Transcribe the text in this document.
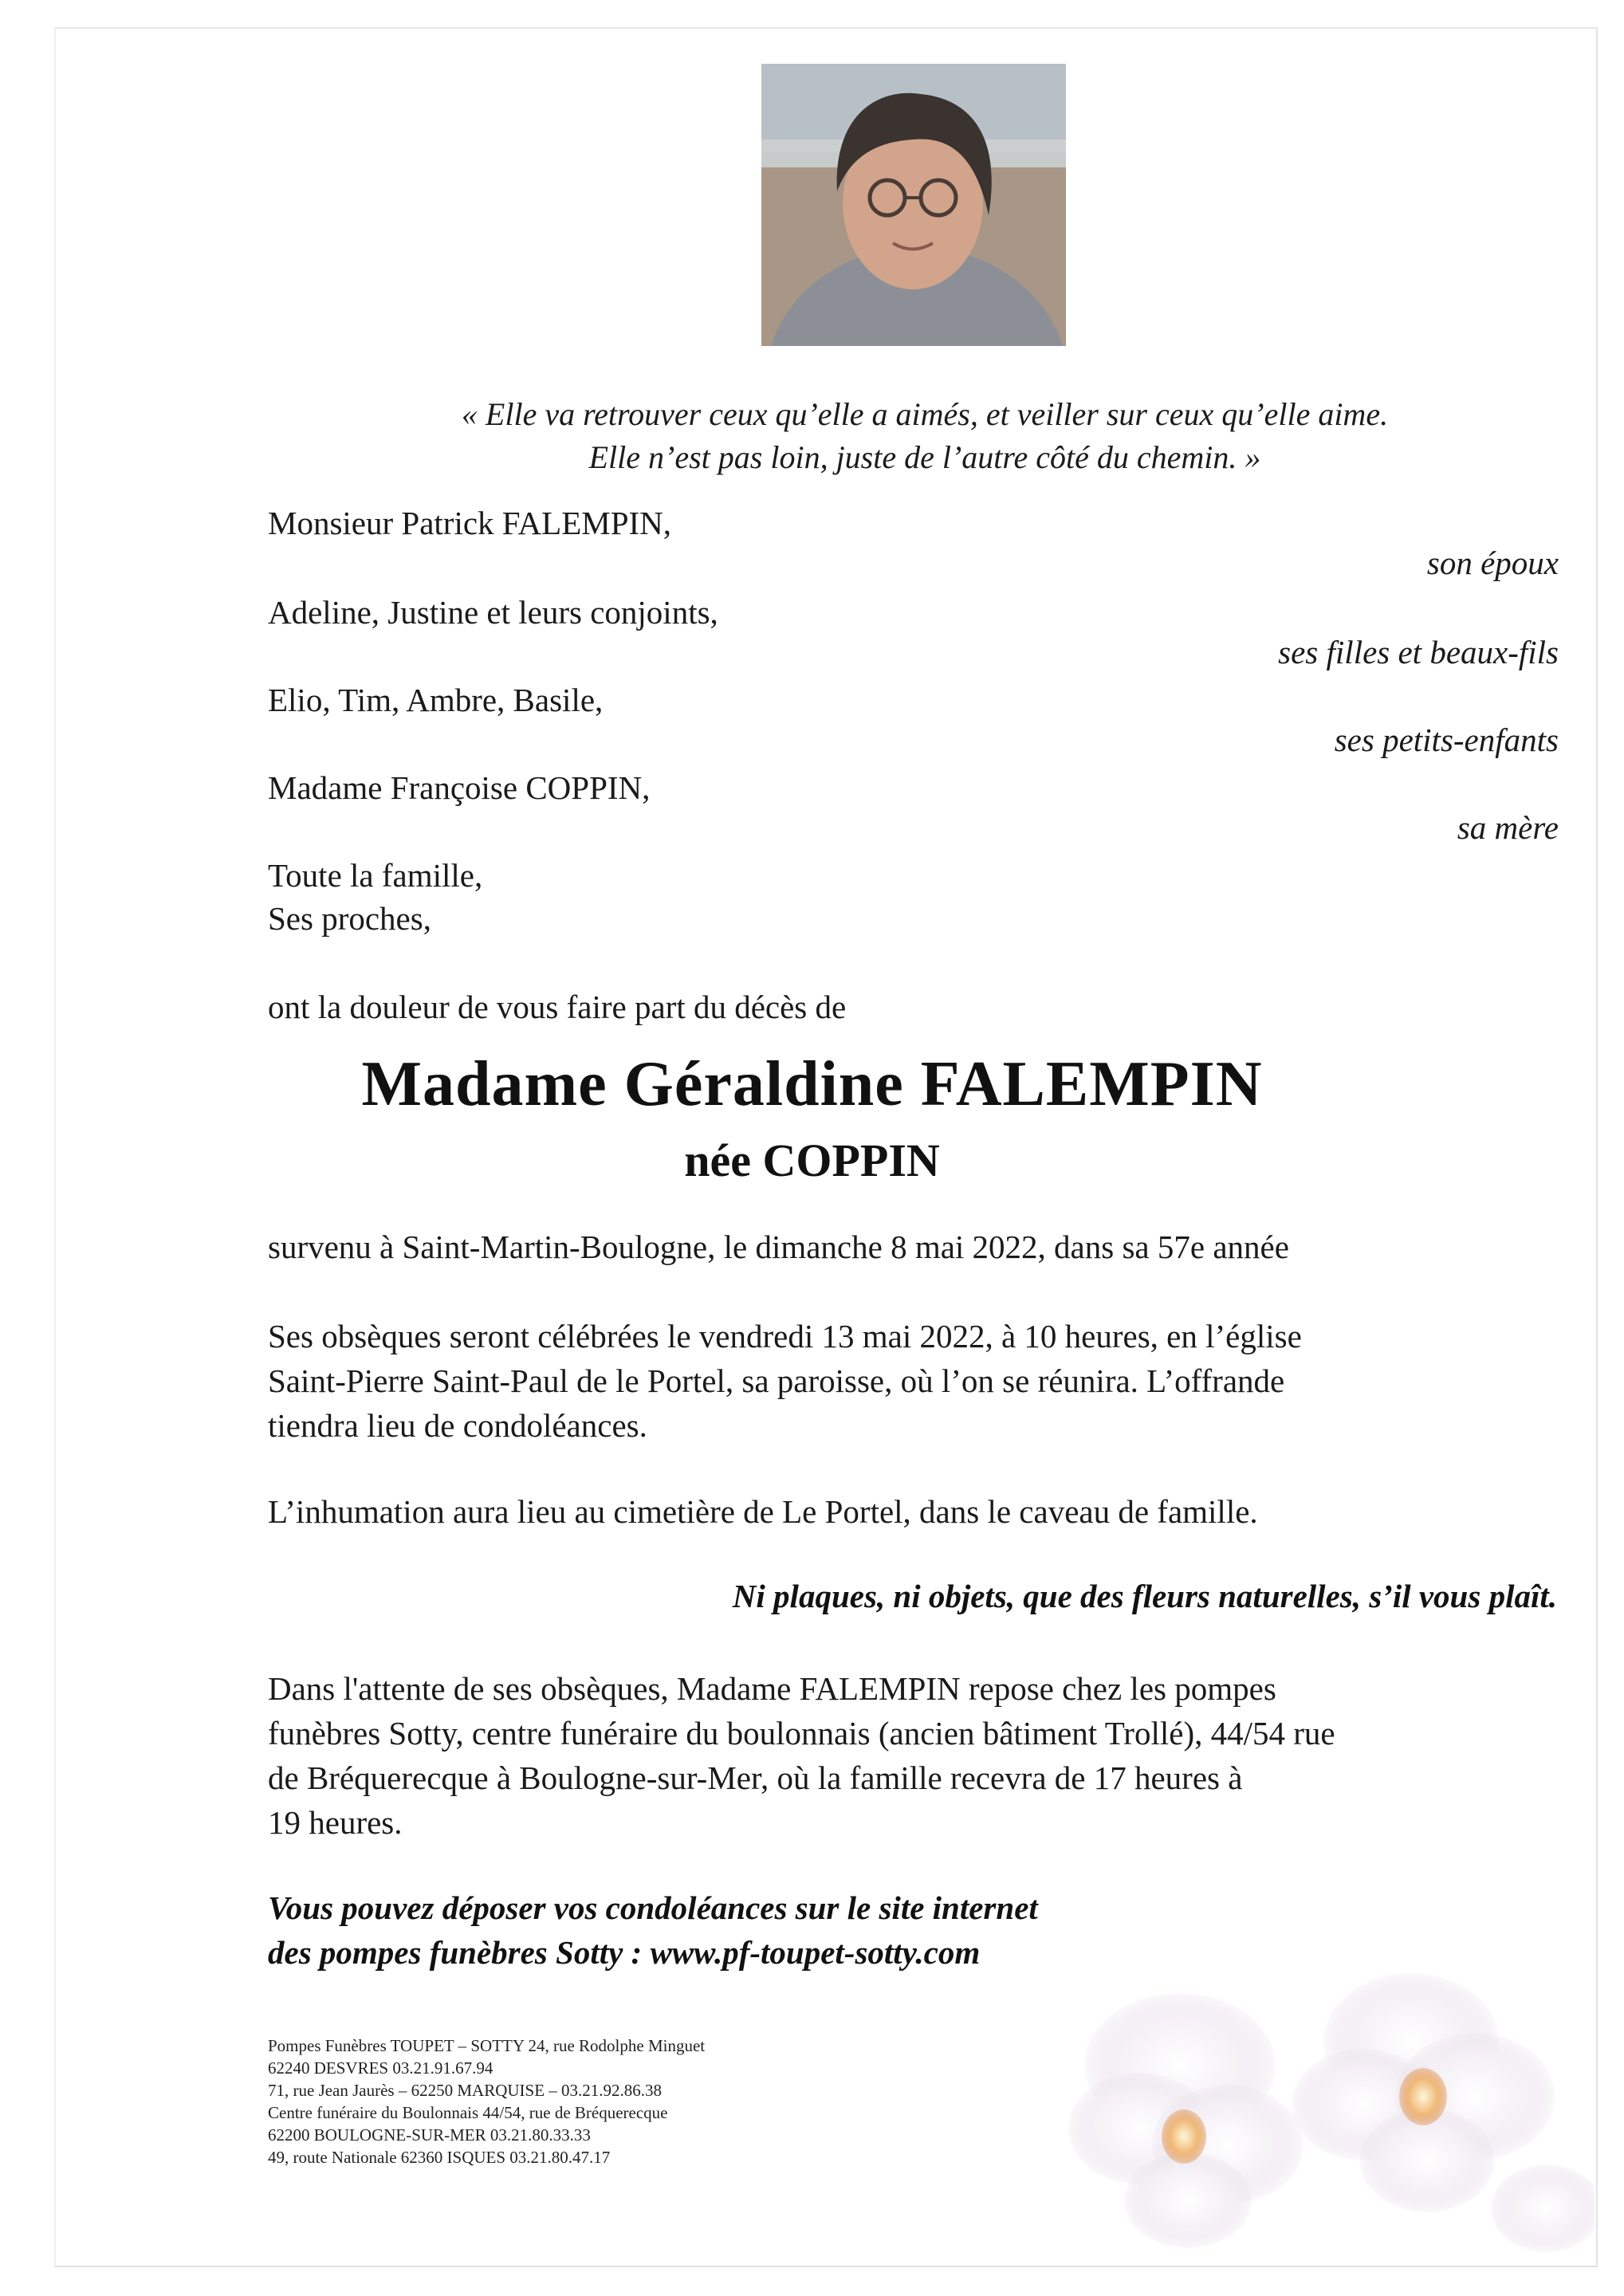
« Elle va retrouver ceux qu’elle a aimés, et veiller sur ceux qu’elle aime.
Elle n’est pas loin, juste de l’autre côté du chemin. »
Monsieur Patrick FALEMPIN,
son époux
Adeline, Justine et leurs conjoints,
ses filles et beaux-fils
Elio, Tim, Ambre, Basile,
ses petits-enfants
Madame Françoise COPPIN,
sa mère
Toute la famille,
Ses proches,
ont la douleur de vous faire part du décès de
Madame Géraldine FALEMPIN
née COPPIN
survenu à Saint-Martin-Boulogne, le dimanche 8 mai 2022, dans sa 57e année
Ses obsèques seront célébrées le vendredi 13 mai 2022, à 10 heures, en l’église
Saint-Pierre Saint-Paul de le Portel, sa paroisse, où l’on se réunira. L’offrande
tiendra lieu de condoléances.
L’inhumation aura lieu au cimetière de Le Portel, dans le caveau de famille.
Ni plaques, ni objets, que des fleurs naturelles, s’il vous plaît.
Dans l'attente de ses obsèques, Madame FALEMPIN repose chez les pompes
funèbres Sotty, centre funéraire du boulonnais (ancien bâtiment Trollé), 44/54 rue
de Bréquerecque à Boulogne-sur-Mer, où la famille recevra de 17 heures à
19 heures.
Vous pouvez déposer vos condoléances sur le site internet
des pompes funèbres Sotty : www.pf-toupet-sotty.com
Pompes Funèbres TOUPET – SOTTY 24, rue Rodolphe Minguet
62240 DESVRES 03.21.91.67.94
71, rue Jean Jaurès – 62250 MARQUISE – 03.21.92.86.38
Centre funéraire du Boulonnais 44/54, rue de Bréquerecque
62200 BOULOGNE-SUR-MER 03.21.80.33.33
49, route Nationale 62360 ISQUES 03.21.80.47.17
